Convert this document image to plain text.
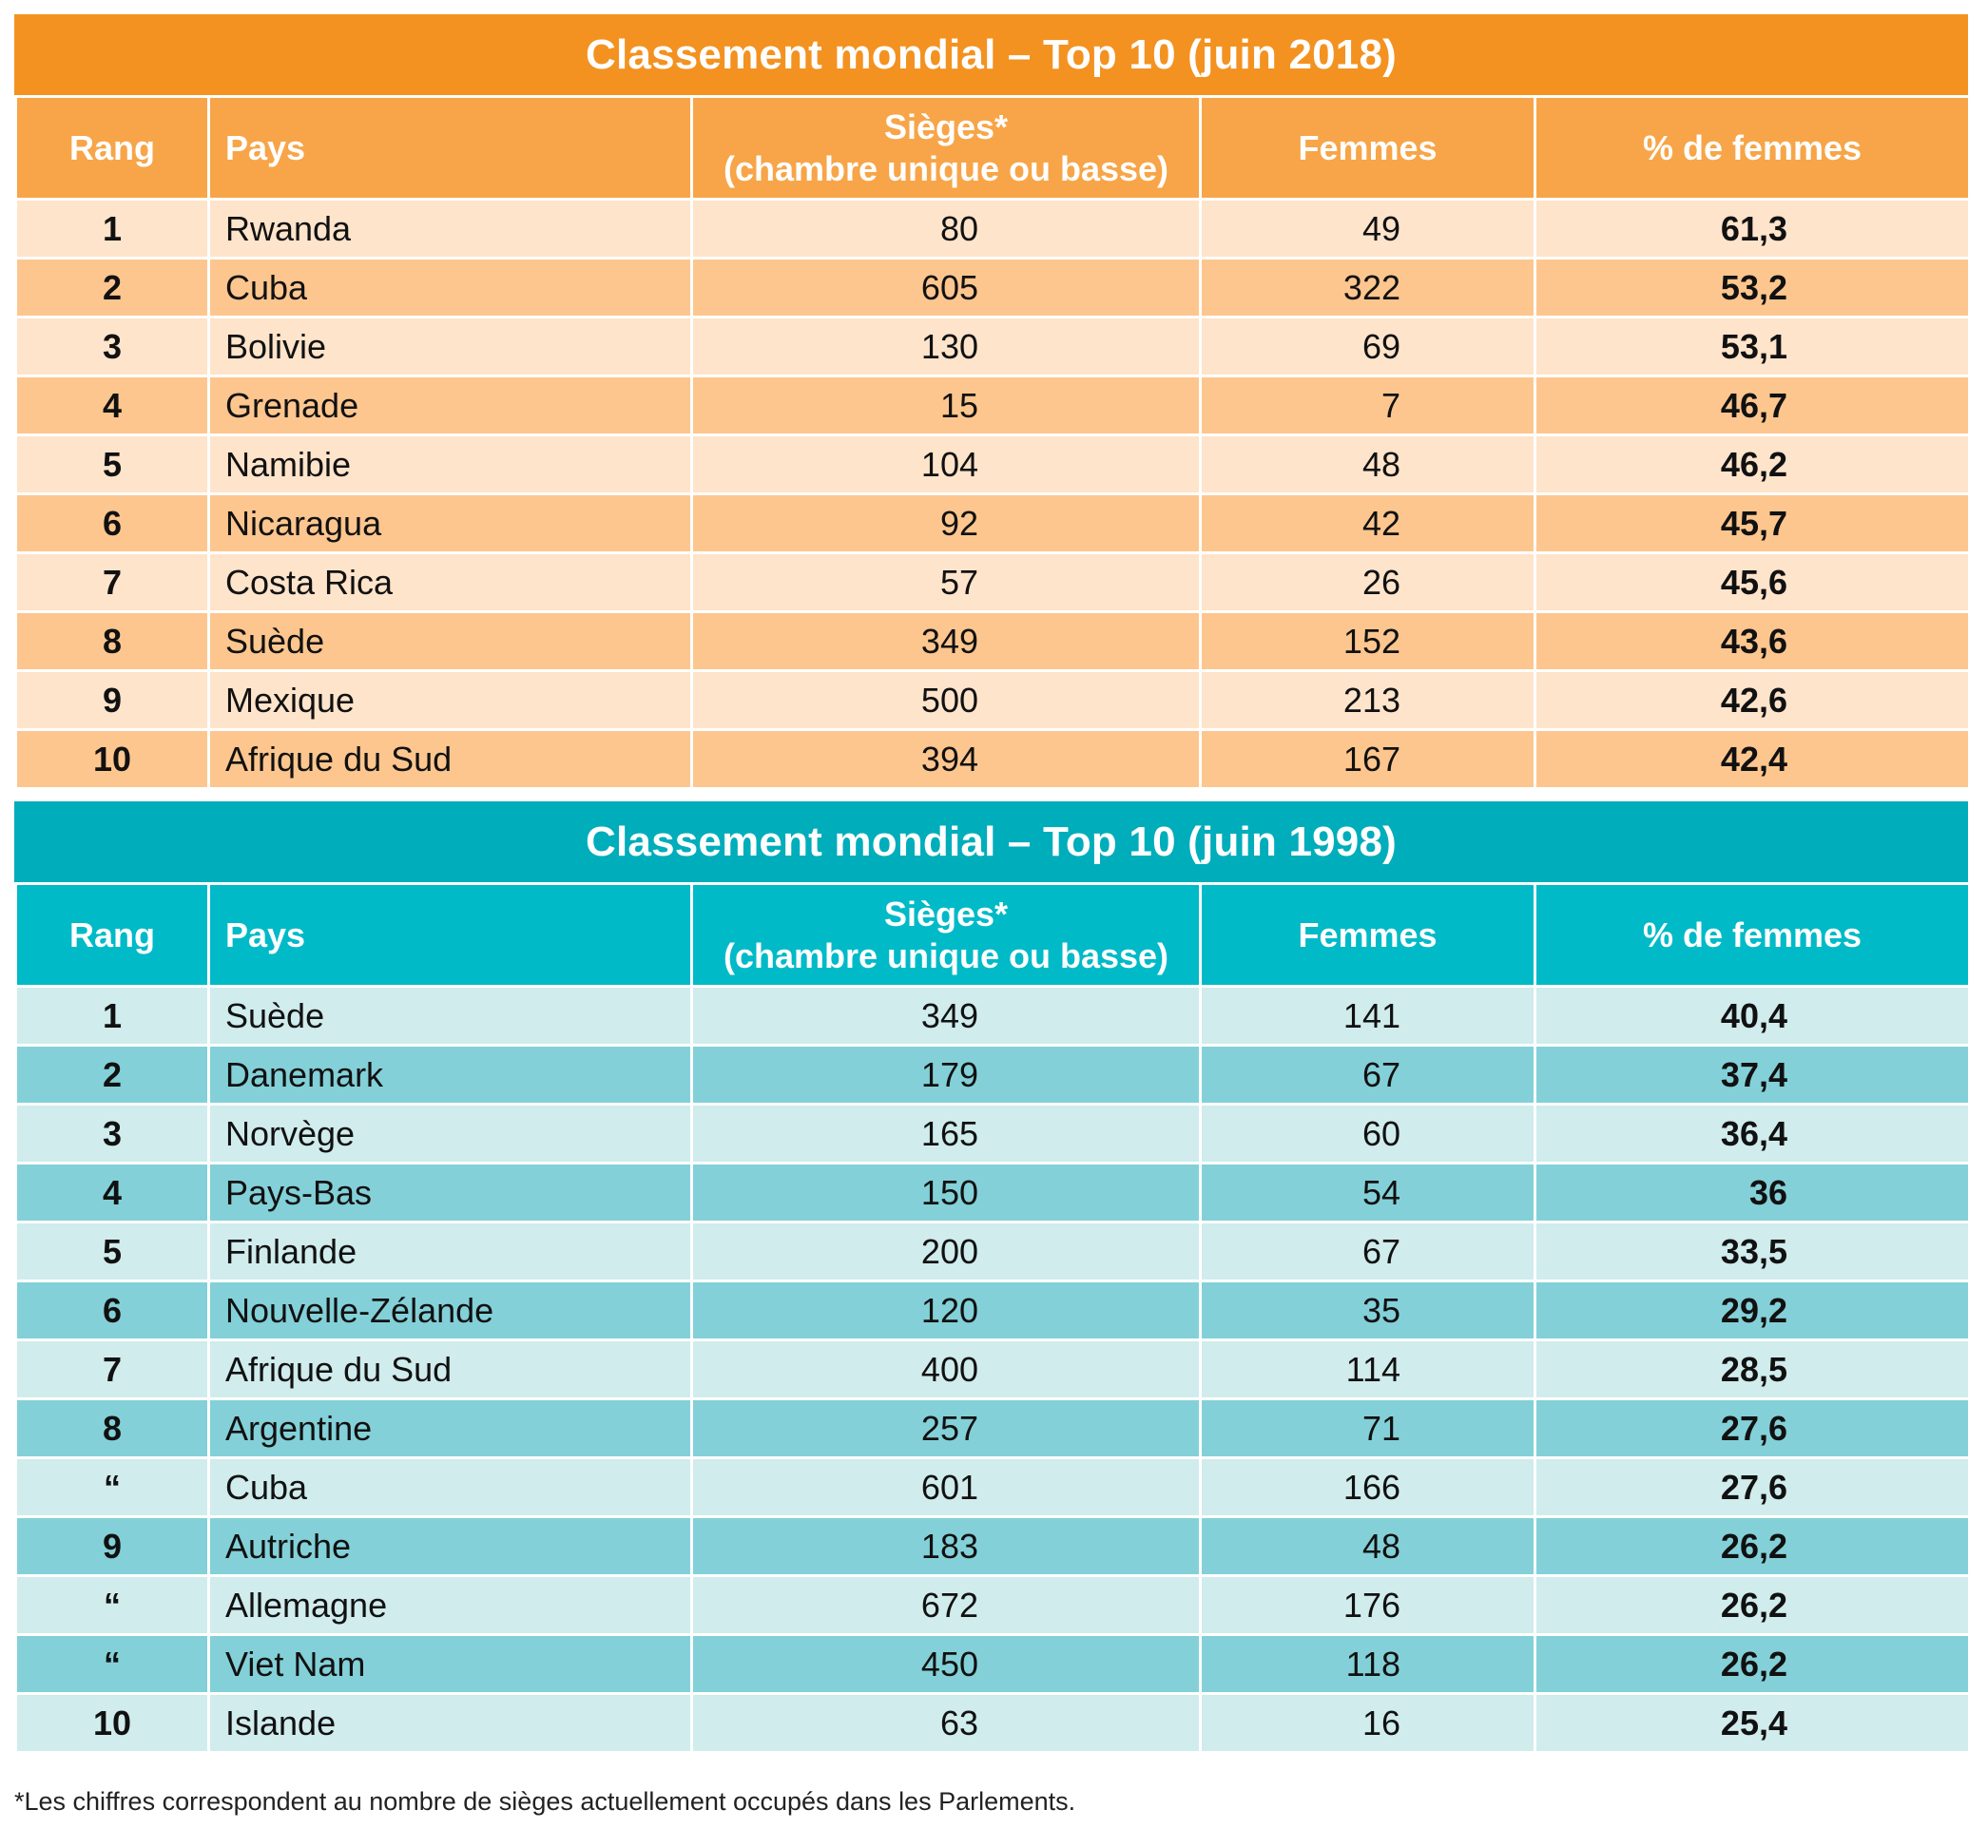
Classement mondial – Top 10 (juin 2018)
Rang	Pays	Sièges*
(chambre unique ou basse)	Femmes	% de femmes
1	Rwanda	80	49	61,3
2	Cuba	605	322	53,2
3	Bolivie	130	69	53,1
4	Grenade	15	7	46,7
5	Namibie	104	48	46,2
6	Nicaragua	92	42	45,7
7	Costa Rica	57	26	45,6
8	Suède	349	152	43,6
9	Mexique	500	213	42,6
10	Afrique du Sud	394	167	42,4
Classement mondial – Top 10 (juin 1998)
Rang	Pays	Sièges*
(chambre unique ou basse)	Femmes	% de femmes
1	Suède	349	141	40,4
2	Danemark	179	67	37,4
3	Norvège	165	60	36,4
4	Pays-Bas	150	54	36
5	Finlande	200	67	33,5
6	Nouvelle-Zélande	120	35	29,2
7	Afrique du Sud	400	114	28,5
8	Argentine	257	71	27,6
“	Cuba	601	166	27,6
9	Autriche	183	48	26,2
“	Allemagne	672	176	26,2
“	Viet Nam	450	118	26,2
10	Islande	63	16	25,4
*Les chiffres correspondent au nombre de sièges actuellement occupés dans les Parlements.
